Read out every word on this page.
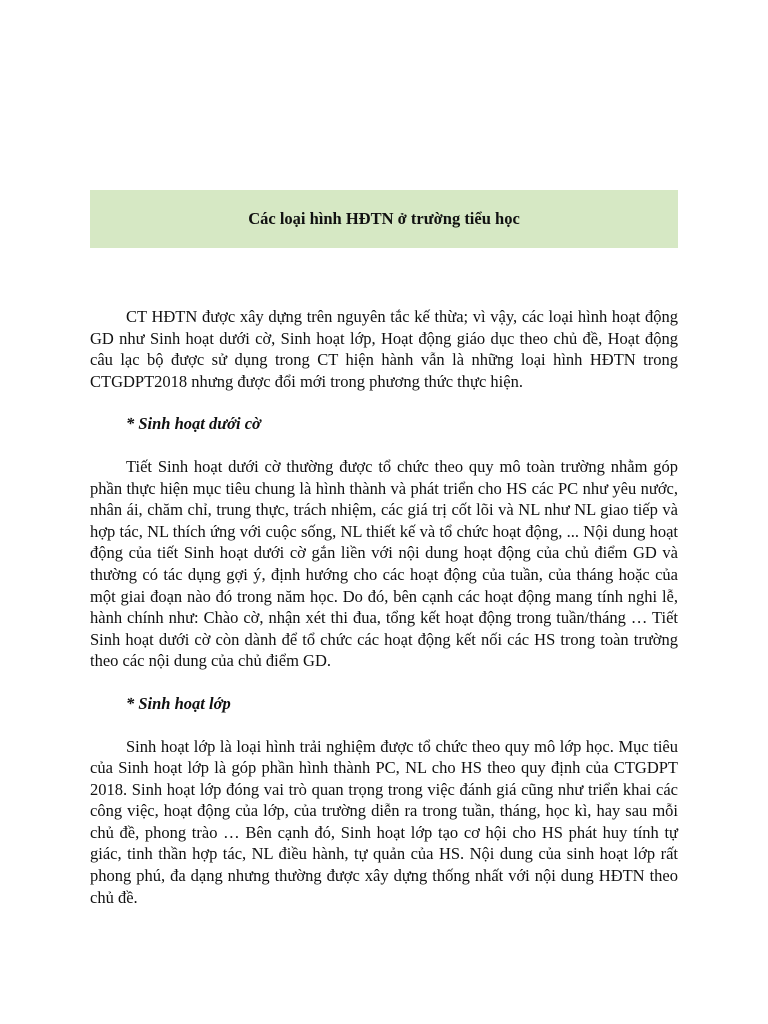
Các loại hình HĐTN ở trường tiểu học

CT HĐTN được xây dựng trên nguyên tắc kế thừa; vì vậy, các loại hình hoạt động GD như Sinh hoạt dưới cờ, Sinh hoạt lớp, Hoạt động giáo dục theo chủ đề, Hoạt động câu lạc bộ được sử dụng trong CT hiện hành vẫn là những loại hình HĐTN trong CTGDPT2018 nhưng được đổi mới trong phương thức thực hiện.

* Sinh hoạt dưới cờ

Tiết Sinh hoạt dưới cờ thường được tổ chức theo quy mô toàn trường nhằm góp phần thực hiện mục tiêu chung là hình thành và phát triển cho HS các PC như yêu nước, nhân ái, chăm chỉ, trung thực, trách nhiệm, các giá trị cốt lõi và NL như NL giao tiếp và hợp tác, NL thích ứng với cuộc sống, NL thiết kế và tổ chức hoạt động, ... Nội dung hoạt động của tiết Sinh hoạt dưới cờ gắn liền với nội dung hoạt động của chủ điểm GD và thường có tác dụng gợi ý, định hướng cho các hoạt động của tuần, của tháng hoặc của một giai đoạn nào đó trong năm học. Do đó, bên cạnh các hoạt động mang tính nghi lễ, hành chính như: Chào cờ, nhận xét thi đua, tổng kết hoạt động trong tuần/tháng … Tiết Sinh hoạt dưới cờ còn dành để tổ chức các hoạt động kết nối các HS trong toàn trường theo các nội dung của chủ điểm GD.

* Sinh hoạt lớp

Sinh hoạt lớp là loại hình trải nghiệm được tổ chức theo quy mô lớp học. Mục tiêu của Sinh hoạt lớp là góp phần hình thành PC, NL cho HS theo quy định của CTGDPT 2018. Sinh hoạt lớp đóng vai trò quan trọng trong việc đánh giá cũng như triển khai các công việc, hoạt động của lớp, của trường diễn ra trong tuần, tháng, học kì, hay sau mỗi chủ đề, phong trào … Bên cạnh đó, Sinh hoạt lớp tạo cơ hội cho HS phát huy tính tự giác, tinh thần hợp tác, NL điều hành, tự quản của HS. Nội dung của sinh hoạt lớp rất phong phú, đa dạng nhưng thường được xây dựng thống nhất với nội dung HĐTN theo chủ đề.
